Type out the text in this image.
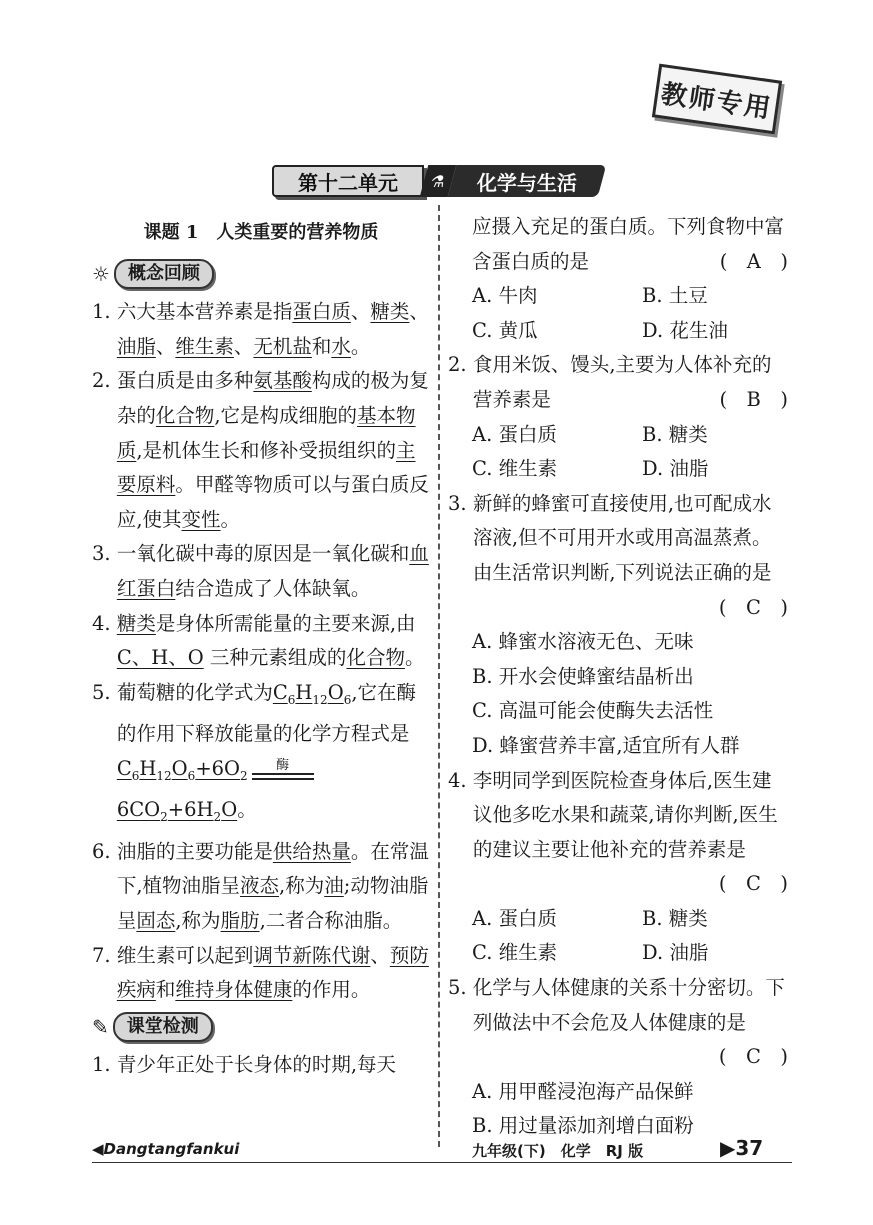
教师专用
第十二单元	⚗	化学与生活
课题 1　人类重要的营养物质
☼	概念回顾
1. 六大基本营养素是指蛋白质、糖类、油脂、维生素、无机盐和水。
2. 蛋白质是由多种氨基酸构成的极为复杂的化合物,它是构成细胞的基本物质,是机体生长和修补受损组织的主要原料。甲醛等物质可以与蛋白质反应,使其变性。
3. 一氧化碳中毒的原因是一氧化碳和血红蛋白结合造成了人体缺氧。
4. 糖类是身体所需能量的主要来源,由C、H、O 三种元素组成的化合物。
5. 葡萄糖的化学式为$C_6H_{12}O_6$,它在酶的作用下释放能量的化学方程式是$C_6H_{12}O_6+6O_2$
酶
$6CO_2+6H_2O$。
6. 油脂的主要功能是供给热量。在常温下,植物油脂呈液态,称为油;动物油脂呈固态,称为脂肪,二者合称油脂。
7. 维生素可以起到调节新陈代谢、预防疾病和维持身体健康的作用。
✎	课堂检测
1. 青少年正处于长身体的时期,每天
应摄入充足的蛋白质。下列食物中富含蛋白质的是	(　A　)
A. 牛肉	B. 土豆
C. 黄瓜	D. 花生油
2. 食用米饭、馒头,主要为人体补充的营养素是	(　B　)
A. 蛋白质	B. 糖类
C. 维生素	D. 油脂
3. 新鲜的蜂蜜可直接使用,也可配成水溶液,但不可用开水或用高温蒸煮。由生活常识判断,下列说法正确的是
(　C　)
A. 蜂蜜水溶液无色、无味
B. 开水会使蜂蜜结晶析出
C. 高温可能会使酶失去活性
D. 蜂蜜营养丰富,适宜所有人群
4. 李明同学到医院检查身体后,医生建议他多吃水果和蔬菜,请你判断,医生的建议主要让他补充的营养素是
(　C　)
A. 蛋白质	B. 糖类
C. 维生素	D. 油脂
5. 化学与人体健康的关系十分密切。下列做法中不会危及人体健康的是
(　C　)
A. 用甲醛浸泡海产品保鲜
B. 用过量添加剂增白面粉
◀Dangtangfankui	九年级(下)　化学　RJ 版	▶37
